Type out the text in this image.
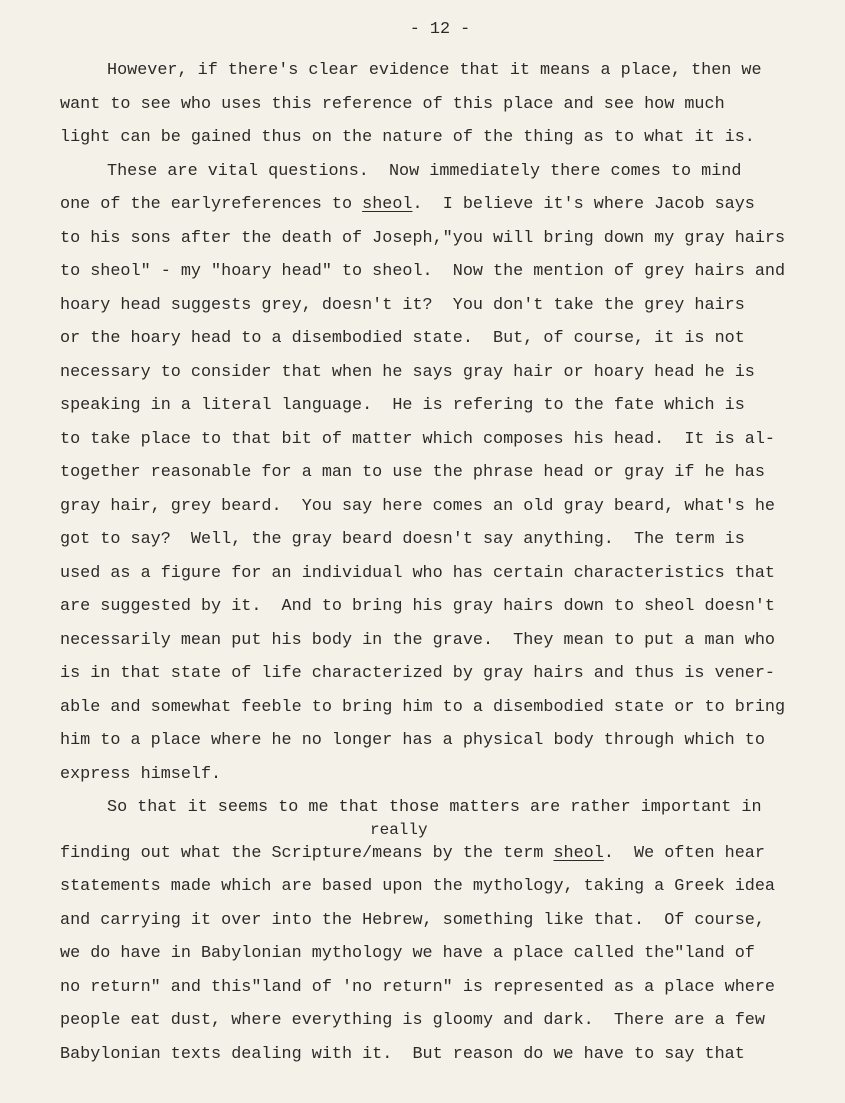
- 12 -
However, if there's clear evidence that it means a place, then we
want to see who uses this reference of this place and see how much
light can be gained thus on the nature of the thing as to what it is.
These are vital questions.  Now immediately there comes to mind
one of the earlyreferences to sheol.  I believe it's where Jacob says
to his sons after the death of Joseph,"you will bring down my gray hairs
to sheol" - my "hoary head" to sheol.  Now the mention of grey hairs and
hoary head suggests grey, doesn't it?  You don't take the grey hairs
or the hoary head to a disembodied state.  But, of course, it is not
necessary to consider that when he says gray hair or hoary head he is
speaking in a literal language.  He is refering to the fate which is
to take place to that bit of matter which composes his head.  It is al-
together reasonable for a man to use the phrase head or gray if he has
gray hair, grey beard.  You say here comes an old gray beard, what's he
got to say?  Well, the gray beard doesn't say anything.  The term is
used as a figure for an individual who has certain characteristics that
are suggested by it.  And to bring his gray hairs down to sheol doesn't
necessarily mean put his body in the grave.  They mean to put a man who
is in that state of life characterized by gray hairs and thus is vener-
able and somewhat feeble to bring him to a disembodied state or to bring
him to a place where he no longer has a physical body through which to
express himself.
So that it seems to me that those matters are rather important in
really
finding out what the Scripture/means by the term sheol.  We often hear
statements made which are based upon the mythology, taking a Greek idea
and carrying it over into the Hebrew, something like that.  Of course,
we do have in Babylonian mythology we have a place called the"land of
no return" and this"land of 'no return" is represented as a place where
people eat dust, where everything is gloomy and dark.  There are a few
Babylonian texts dealing with it.  But reason do we have to say that
